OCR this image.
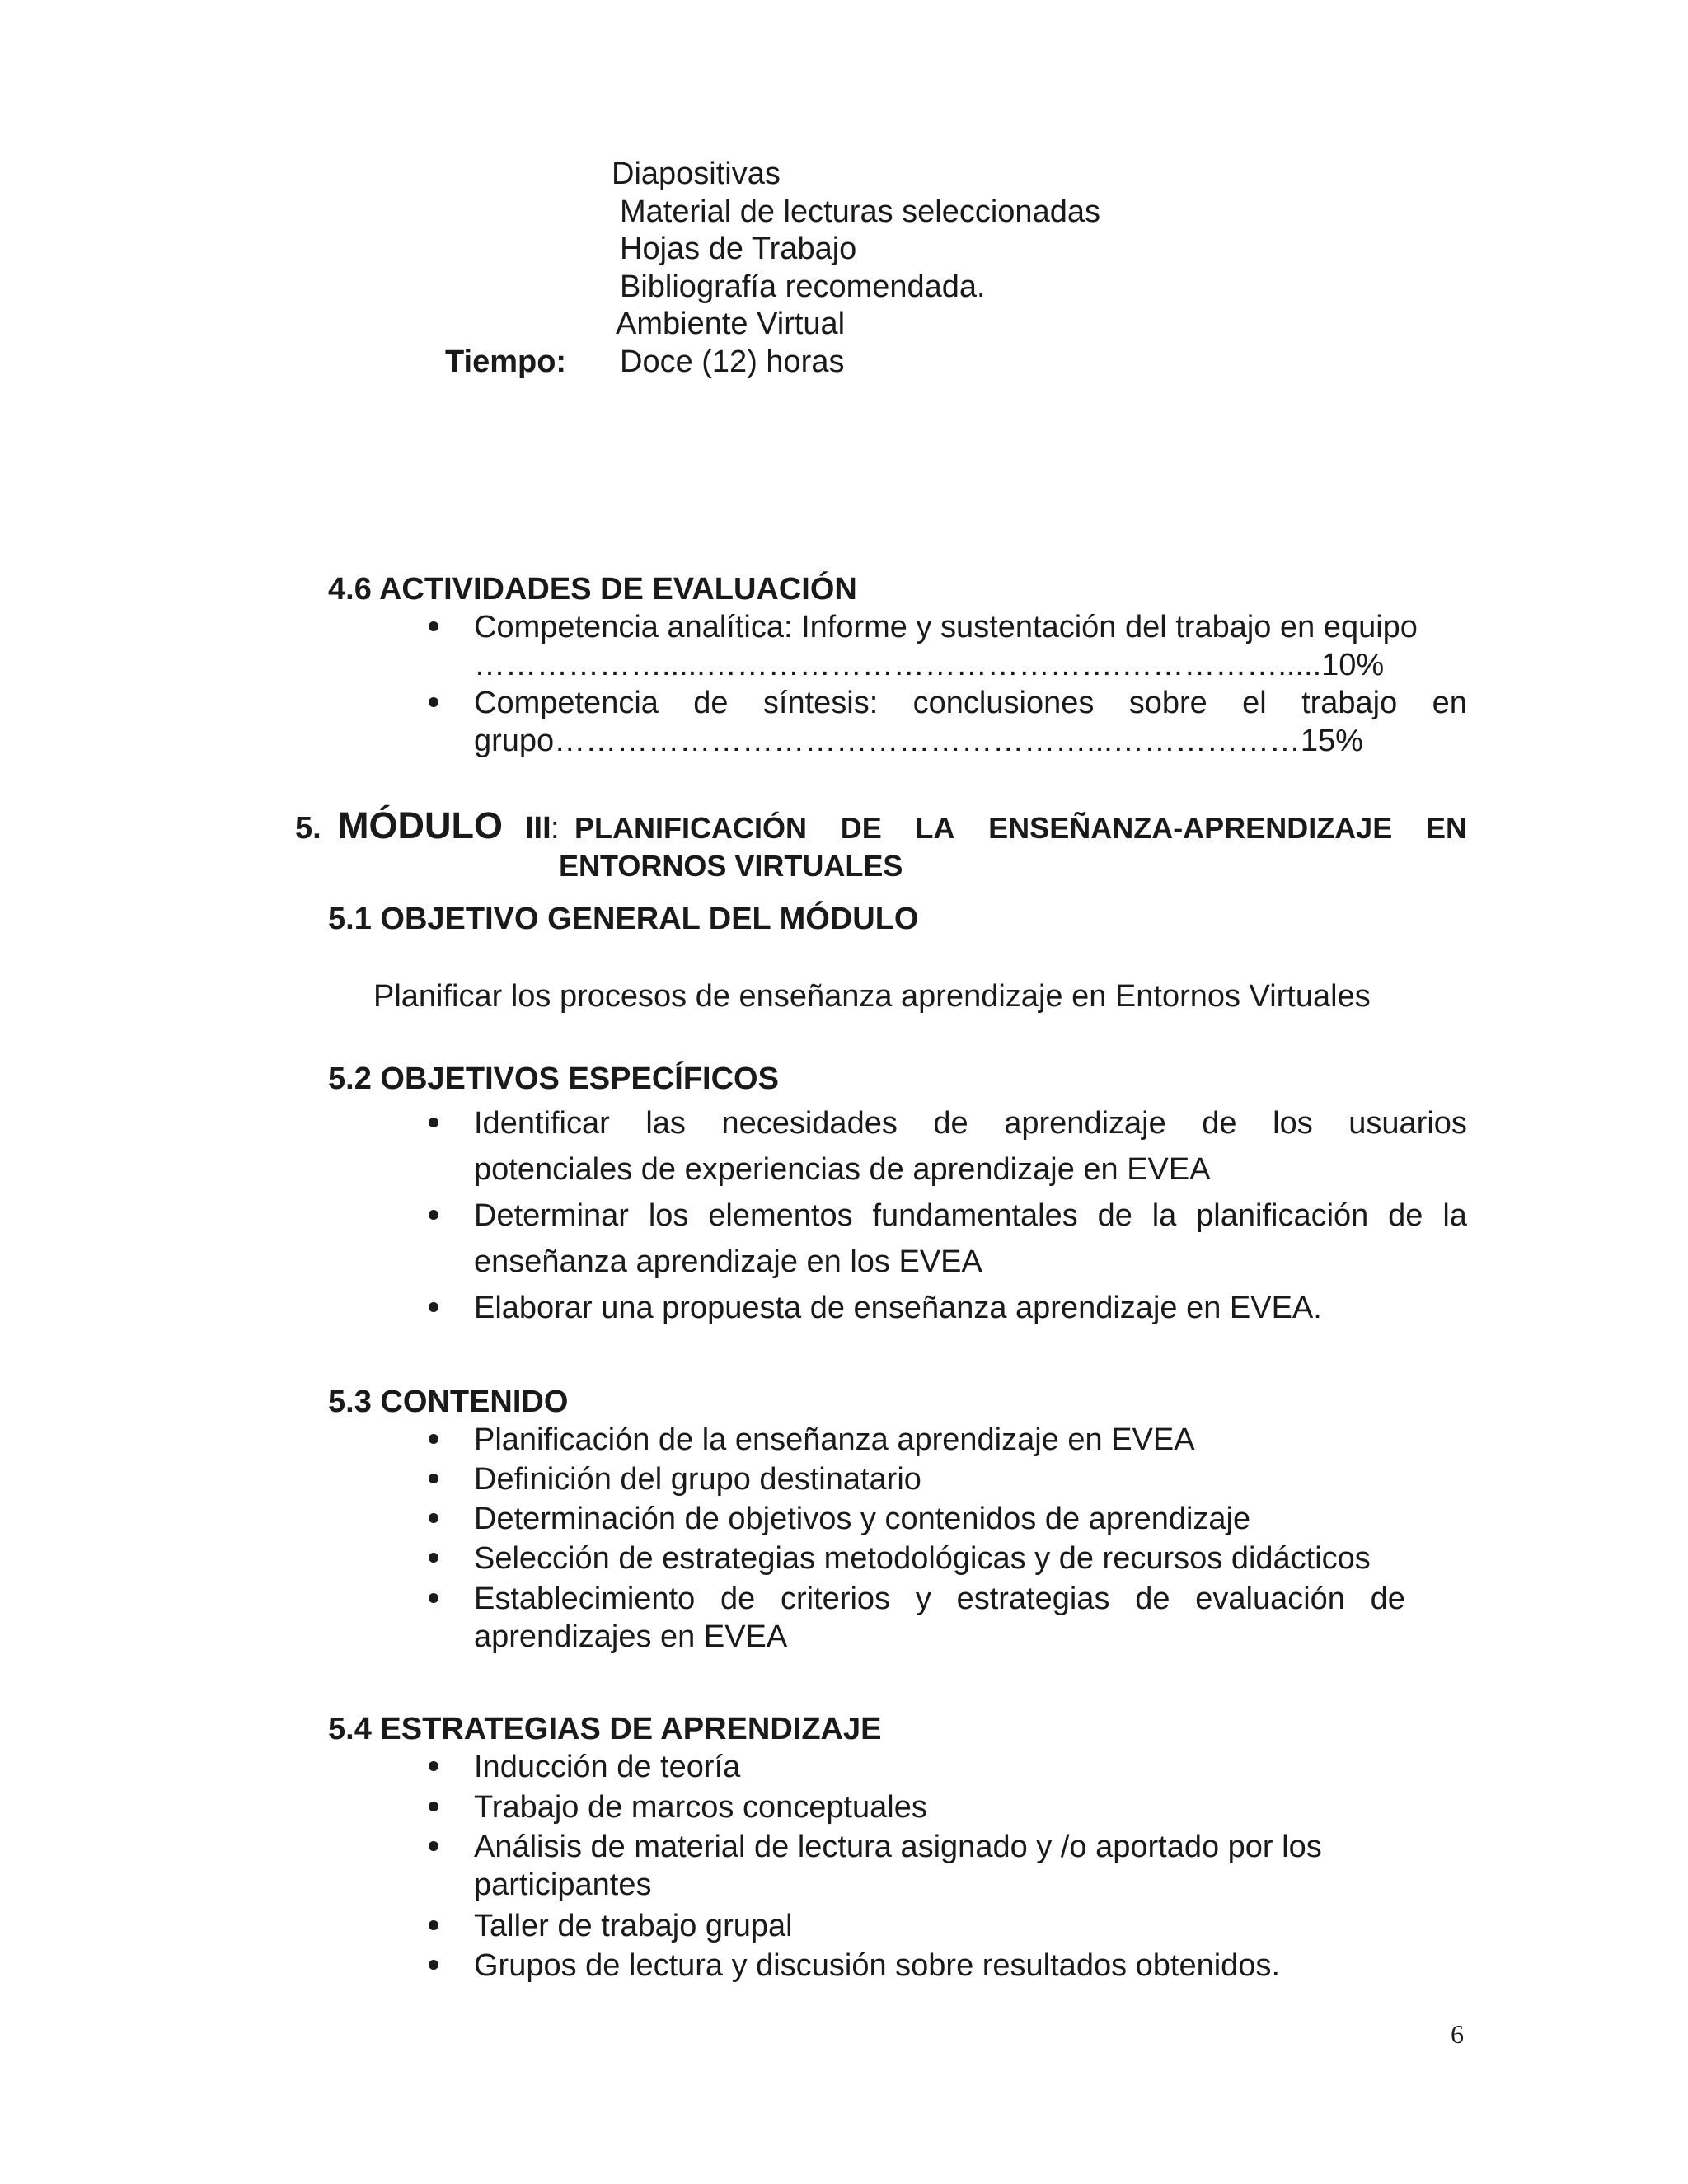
Diapositivas
Material de lecturas seleccionadas
Hojas de Trabajo
Bibliografía recomendada.
Ambiente Virtual
Tiempo: Doce (12) horas
4.6 ACTIVIDADES DE EVALUACIÓN
Competencia analítica: Informe y sustentación del trabajo en equipo
……………….....………………………………….…………….....10%
Competencia de síntesis: conclusiones sobre el trabajo en
grupo……………………………………………...………………15%
5. MÓDULO III : PLANIFICACIÓN DE LA ENSEÑANZA-APRENDIZAJE EN
ENTORNOS VIRTUALES
5.1 OBJETIVO GENERAL DEL MÓDULO
Planificar los procesos de enseñanza aprendizaje en Entornos Virtuales
5.2 OBJETIVOS ESPECÍFICOS
Identificar las necesidades de aprendizaje de los usuarios
potenciales de experiencias de aprendizaje en EVEA
Determinar los elementos fundamentales de la planificación de la
enseñanza aprendizaje en los EVEA
Elaborar una propuesta de enseñanza aprendizaje en EVEA.
5.3 CONTENIDO
Planificación de la enseñanza aprendizaje en EVEA
Definición del grupo destinatario
Determinación de objetivos y contenidos de aprendizaje
Selección de estrategias metodológicas y de recursos didácticos
Establecimiento de criterios y estrategias de evaluación de
aprendizajes en EVEA
5.4 ESTRATEGIAS DE APRENDIZAJE
Inducción de teoría
Trabajo de marcos conceptuales
Análisis de material de lectura asignado y /o aportado por los
participantes
Taller de trabajo grupal
Grupos de lectura y discusión sobre resultados obtenidos.
6
